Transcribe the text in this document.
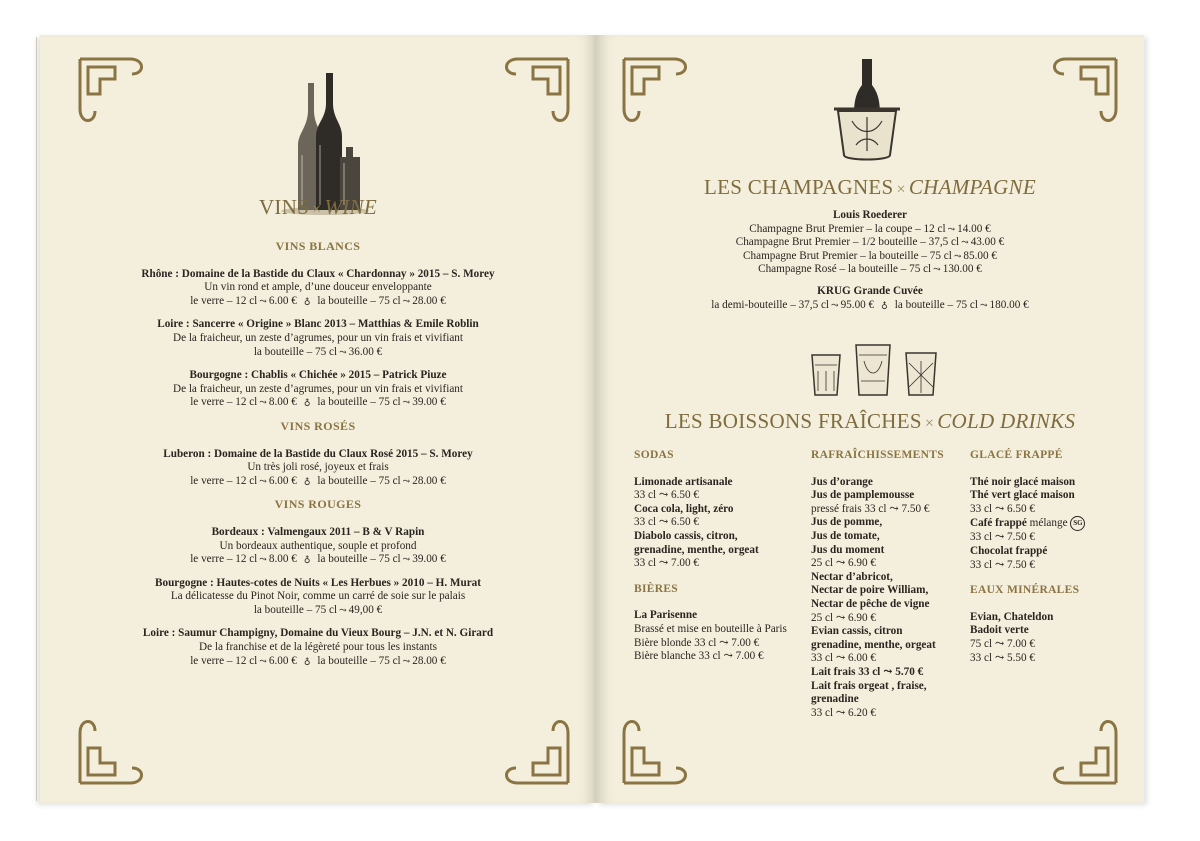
VINS × WINE
VINS BLANCS
Rhône : Domaine de la Bastide du Claux « Chardonnay » 2015 – S. Morey
Un vin rond et ample, d’une douceur enveloppante
le verre – 12 cl ⤳ 6.00 € ♁ la bouteille – 75 cl ⤳ 28.00 €
Loire : Sancerre « Origine » Blanc 2013 – Matthias & Emile Roblin
De la fraicheur, un zeste d’agrumes, pour un vin frais et vivifiant
la bouteille – 75 cl ⤳ 36.00 €
Bourgogne : Chablis « Chichée » 2015 – Patrick Piuze
De la fraicheur, un zeste d’agrumes, pour un vin frais et vivifiant
le verre – 12 cl ⤳ 8.00 € ♁ la bouteille – 75 cl ⤳ 39.00 €
VINS ROSÉS
Luberon : Domaine de la Bastide du Claux Rosé 2015 – S. Morey
Un très joli rosé, joyeux et frais
le verre – 12 cl ⤳ 6.00 € ♁ la bouteille – 75 cl ⤳ 28.00 €
VINS ROUGES
Bordeaux : Valmengaux 2011 – B & V Rapin
Un bordeaux authentique, souple et profond
le verre – 12 cl ⤳ 8.00 € ♁ la bouteille – 75 cl ⤳ 39.00 €
Bourgogne : Hautes-cotes de Nuits « Les Herbues » 2010 – H. Murat
La délicatesse du Pinot Noir, comme un carré de soie sur le palais
la bouteille – 75 cl ⤳ 49,00 €
Loire : Saumur Champigny, Domaine du Vieux Bourg – J.N. et N. Girard
De la franchise et de la légèreté pour tous les instants
le verre – 12 cl ⤳ 6.00 € ♁ la bouteille – 75 cl ⤳ 28.00 €
LES CHAMPAGNES × CHAMPAGNE
Louis Roederer
Champagne Brut Premier – la coupe – 12 cl ⤳ 14.00 €
Champagne Brut Premier – 1/2 bouteille – 37,5 cl ⤳ 43.00 €
Champagne Brut Premier – la bouteille – 75 cl ⤳ 85.00 €
Champagne Rosé – la bouteille – 75 cl ⤳ 130.00 €
KRUG Grande Cuvée
la demi-bouteille – 37,5 cl ⤳ 95.00 € ♁ la bouteille – 75 cl ⤳ 180.00 €
LES BOISSONS FRAÎCHES × COLD DRINKS
SODAS
Limonade artisanale
33 cl ⤳ 6.50 €
Coca cola, light, zéro
33 cl ⤳ 6.50 €
Diabolo cassis, citron,
grenadine, menthe, orgeat
33 cl ⤳ 7.00 €
BIÈRES
La Parisenne
Brassé et mise en bouteille à Paris
Bière blonde 33 cl ⤳ 7.00 €
Bière blanche 33 cl ⤳ 7.00 €
RAFRAÎCHISSEMENTS
Jus d’orange
Jus de pamplemousse
pressé frais 33 cl ⤳ 7.50 €
Jus de pomme,
Jus de tomate,
Jus du moment
25 cl ⤳ 6.90 €
Nectar d’abricot,
Nectar de poire William,
Nectar de pêche de vigne
25 cl ⤳ 6.90 €
Evian cassis, citron
grenadine, menthe, orgeat
33 cl ⤳ 6.00 €
Lait frais 33 cl ⤳ 5.70 €
Lait frais orgeat , fraise,
grenadine
33 cl ⤳ 6.20 €
GLACÉ FRAPPÉ
Thé noir glacé maison
Thé vert glacé maison
33 cl ⤳ 6.50 €
Café frappé mélange SG
33 cl ⤳ 7.50 €
Chocolat frappé
33 cl ⤳ 7.50 €
EAUX MINÉRALES
Evian, Chateldon
Badoit verte
75 cl ⤳ 7.00 €
33 cl ⤳ 5.50 €
